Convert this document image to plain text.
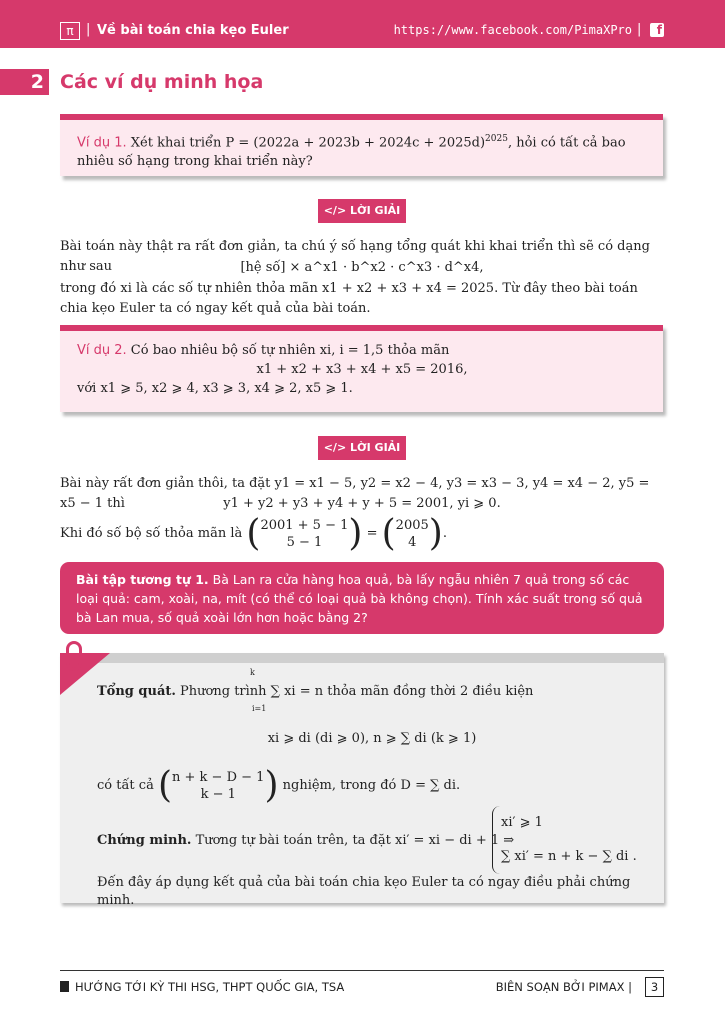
π | Về bài toán chia kẹo Euler	https://www.facebook.com/PimaXPro |	f
2 Các ví dụ minh họa
Ví dụ 1. Xét khai triển $P = (2022a + 2023b + 2024c + 2025d)^{2025}$, hỏi có tất cả bao nhiêu số hạng trong khai triển này?
</> LỜI GIẢI
Bài toán này thật ra rất đơn giản, ta chú ý số hạng tổng quát khi khai triển thì sẽ có dạng như sau	[hệ số] × a^x1 · b^x2 · c^x3 · d^x4,
trong đó xi là các số tự nhiên thỏa mãn x1 + x2 + x3 + x4 = 2025. Từ đây theo bài toán chia kẹo Euler ta có ngay kết quả của bài toán.
Ví dụ 2. Có bao nhiêu bộ số tự nhiên xi, i = 1,5 thỏa mãn
x1 + x2 + x3 + x4 + x5 = 2016,
với x1 ⩾ 5, x2 ⩾ 4, x3 ⩾ 3, x4 ⩾ 2, x5 ⩾ 1.
</> LỜI GIẢI
Bài này rất đơn giản thôi, ta đặt y1 = x1 − 5, y2 = x2 − 4, y3 = x3 − 3, y4 = x4 − 2, y5 = x5 − 1 thì	y1 + y2 + y3 + y4 + y + 5 = 2001, yi ⩾ 0.
Khi đó số bộ số thỏa mãn là (2001 + 5 − 1
5 − 1 ) = (2005
4 ).
Bài tập tương tự 1. Bà Lan ra cửa hàng hoa quả, bà lấy ngẫu nhiên 7 quả trong số các loại quả: cam, xoài, na, mít (có thể có loại quả bà không chọn). Tính xác suất trong số quả bà Lan mua, số quả xoài lớn hơn hoặc bằng 2?
Tổng quát. Phương trình ∑ xi = n thỏa mãn đồng thời 2 điều kiện
k
i=1
xi ⩾ di (di ⩾ 0), n ⩾ ∑ di (k ⩾ 1)
có tất cả (n + k − D − 1
k − 1 ) nghiệm, trong đó D = ∑ di.
Chứng minh. Tương tự bài toán trên, ta đặt xi′ = xi − di + 1 ⇒
xi′ ⩾ 1
∑ xi′ = n + k − ∑ di .
Đến đây áp dụng kết quả của bài toán chia kẹo Euler ta có ngay điều phải chứng minh.
HƯỚNG TỚI KỲ THI HSG, THPT QUỐC GIA, TSA	BIÊN SOẠN BỞI PIMAX |	3
